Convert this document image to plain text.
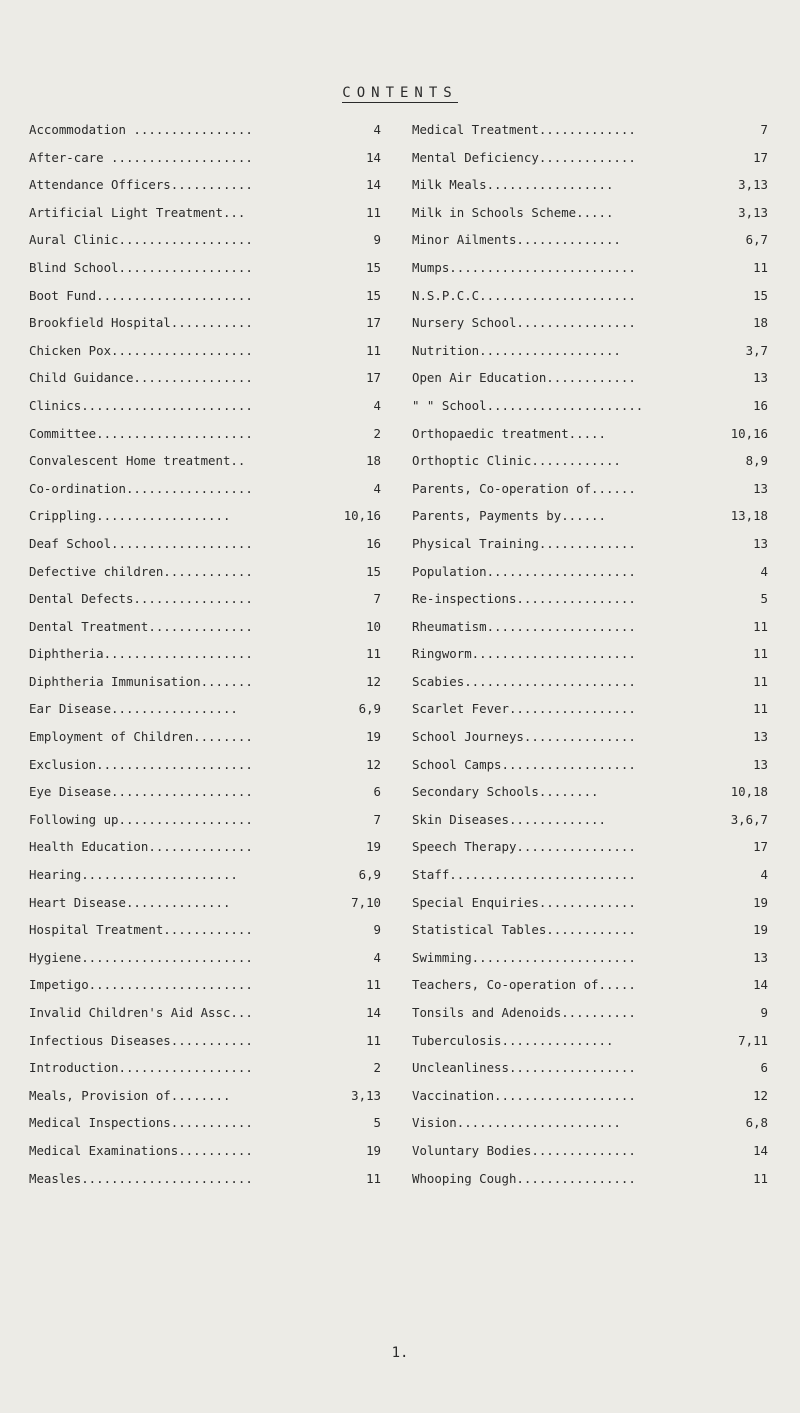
CONTENTS
Accommodation ................	4
After-care ...................	14
Attendance Officers...........	14
Artificial Light Treatment...	11
Aural Clinic..................	9
Blind School..................	15
Boot Fund.....................	15
Brookfield Hospital...........	17
Chicken Pox...................	11
Child Guidance................	17
Clinics.......................	4
Committee.....................	2
Convalescent Home treatment..	18
Co-ordination.................	4
Crippling..................	10,16
Deaf School...................	16
Defective children............	15
Dental Defects................	7
Dental Treatment..............	10
Diphtheria....................	11
Diphtheria Immunisation.......	12
Ear Disease.................	6,9
Employment of Children........	19
Exclusion.....................	12
Eye Disease...................	6
Following up..................	7
Health Education..............	19
Hearing.....................	6,9
Heart Disease..............	7,10
Hospital Treatment............	9
Hygiene.......................	4
Impetigo......................	11
Invalid Children's Aid Assc...	14
Infectious Diseases...........	11
Introduction..................	2
Meals, Provision of........	3,13
Medical Inspections...........	5
Medical Examinations..........	19
Measles.......................	11
Medical Treatment.............	7
Mental Deficiency.............	17
Milk Meals.................	3,13
Milk in Schools Scheme.....	3,13
Minor Ailments..............	6,7
Mumps.........................	11
N.S.P.C.C.....................	15
Nursery School................	18
Nutrition...................	3,7
Open Air Education............	13
" " School.....................	16
Orthopaedic treatment.....	10,16
Orthoptic Clinic............	8,9
Parents, Co-operation of......	13
Parents, Payments by......	13,18
Physical Training.............	13
Population....................	4
Re-inspections................	5
Rheumatism....................	11
Ringworm......................	11
Scabies.......................	11
Scarlet Fever.................	11
School Journeys...............	13
School Camps..................	13
Secondary Schools........	10,18
Skin Diseases.............	3,6,7
Speech Therapy................	17
Staff.........................	4
Special Enquiries.............	19
Statistical Tables............	19
Swimming......................	13
Teachers, Co-operation of.....	14
Tonsils and Adenoids..........	9
Tuberculosis...............	7,11
Uncleanliness.................	6
Vaccination...................	12
Vision......................	6,8
Voluntary Bodies..............	14
Whooping Cough................	11
1.
